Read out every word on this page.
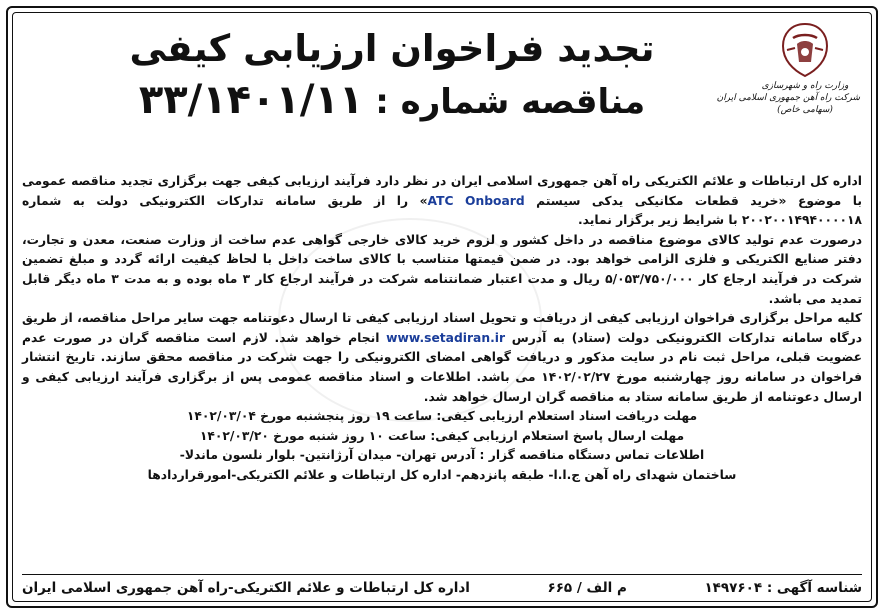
وزارت راه و شهرسازی
شرکت راه آهن جمهوری اسلامی ایران
(سهامی خاص)
تجدید فراخوان ارزیابی کیفی
مناقصه شماره : ۳۳/۱۴۰۱/۱۱

اداره کل ارتباطات و علائم الکتریکی راه آهن جمهوری اسلامی ایران در نظر دارد فرآیند ارزیابی کیفی جهت برگزاری تجدید مناقصه عمومی با موضوع «خرید قطعات مکانیکی یدکی سیستم ATC Onboard» را از طریق سامانه تدارکات الکترونیکی دولت به شماره ۲۰۰۲۰۰۱۴۹۴۰۰۰۰۱۸ با شرایط زیر برگزار نماید.

درصورت عدم تولید کالای موضوع مناقصه در داخل کشور و لزوم خرید کالای خارجی گواهی عدم ساخت از وزارت صنعت، معدن و تجارت، دفتر صنایع الکتریکی و فلزی الزامی خواهد بود. در ضمن قیمتها متناسب با کالای ساخت داخل با لحاظ کیفیت ارائه گردد و مبلغ تضمین شرکت در فرآیند ارجاع کار ۵/۰۵۳/۷۵۰/۰۰۰ ریال و مدت اعتبار ضمانتنامه شرکت در فرآیند ارجاع کار ۳ ماه بوده و به مدت ۳ ماه دیگر قابل تمدید می باشد.

کلیه مراحل برگزاری فراخوان ارزیابی کیفی از دریافت و تحویل اسناد ارزیابی کیفی تا ارسال دعوتنامه جهت سایر مراحل مناقصه، از طریق درگاه سامانه تدارکات الکترونیکی دولت (ستاد) به آدرس www.setadiran.ir انجام خواهد شد. لازم است مناقصه گران در صورت عدم عضویت قبلی، مراحل ثبت نام در سایت مذکور و دریافت گواهی امضای الکترونیکی را جهت شرکت در مناقصه محقق سازند. تاریخ انتشار فراخوان در سامانه روز چهارشنبه مورخ ۱۴۰۲/۰۲/۲۷ می باشد. اطلاعات و اسناد مناقصه عمومی پس از برگزاری فرآیند ارزیابی کیفی و ارسال دعوتنامه از طریق سامانه ستاد به مناقصه گران ارسال خواهد شد.

مهلت دریافت اسناد استعلام ارزیابی کیفی: ساعت ۱۹ روز پنجشنبه مورخ ۱۴۰۲/۰۳/۰۴

مهلت ارسال پاسخ استعلام ارزیابی کیفی: ساعت ۱۰ روز شنبه مورخ ۱۴۰۲/۰۳/۲۰

اطلاعات تماس دستگاه مناقصه گزار : آدرس تهران- میدان آرژانتین- بلوار نلسون ماندلا-

ساختمان شهدای راه آهن ج.ا.ا- طبقه پانزدهم- اداره کل ارتباطات و علائم الکتریکی-امورقراردادها

شناسه آگهی : ۱۴۹۷۶۰۴
م الف / ۶۶۵
اداره کل ارتباطات و علائم الکتریکی-راه آهن جمهوری اسلامی ایران
